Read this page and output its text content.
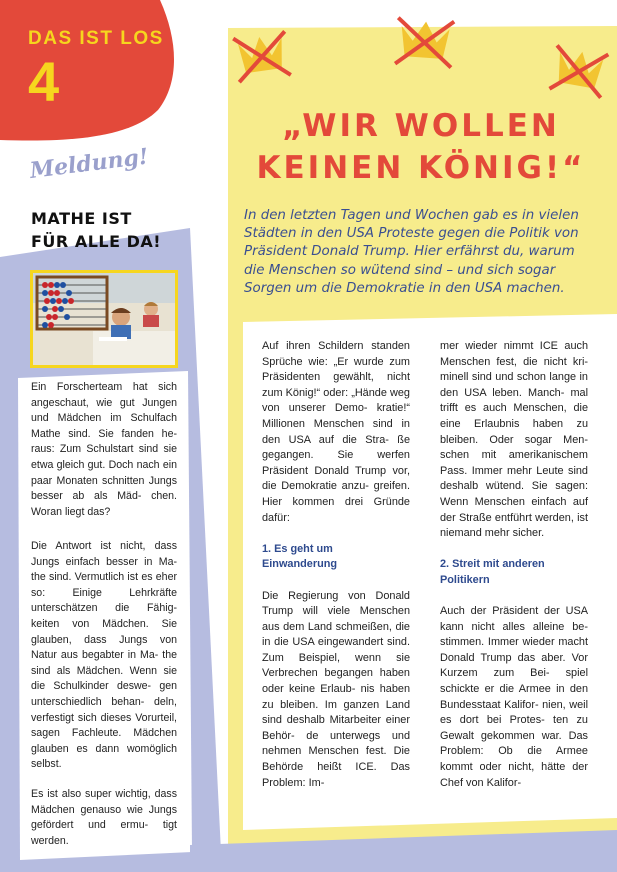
DAS IST LOS
4
Meldung!
MATHE IST
FÜR ALLE DA!

Ein Forscherteam hat sich angeschaut, wie gut Jungen und Mädchen im Schulfach Mathe sind. Sie fanden he- raus: Zum Schulstart sind sie etwa gleich gut. Doch nach ein paar Monaten schnitten Jungs besser ab als Mäd- chen. Woran liegt das?

Die Antwort ist nicht, dass Jungs einfach besser in Ma- the sind. Vermutlich ist es eher so: Einige Lehrkräfte unterschätzen die Fähig- keiten von Mädchen. Sie glauben, dass Jungs von Natur aus begabter in Ma- the sind als Mädchen. Wenn sie die Schulkinder deswe- gen unterschiedlich behan- deln, verfestigt sich dieses Vorurteil, sagen Fachleute. Mädchen glauben es dann womöglich selbst.

Es ist also super wichtig, dass Mädchen genauso wie Jungs gefördert und ermu- tigt werden.

„WIR WOLLEN
KEINEN KÖNIG!“

In den letzten Tagen und Wochen gab es in vielen Städten in den USA Proteste gegen die Politik von Präsident Donald Trump. Hier erfährst du, warum die Menschen so wütend sind – und sich sogar Sorgen um die Demokratie in den USA machen.

Auf ihren Schildern standen Sprüche wie: „Er wurde zum Präsidenten gewählt, nicht zum König!“ oder: „Hände weg von unserer Demo- kratie!“ Millionen Menschen sind in den USA auf die Stra- ße gegangen. Sie werfen Präsident Donald Trump vor, die Demokratie anzu- greifen. Hier kommen drei Gründe dafür:

1. Es geht um Einwanderung

Die Regierung von Donald Trump will viele Menschen aus dem Land schmeißen, die in die USA eingewandert sind. Zum Beispiel, wenn sie Verbrechen begangen haben oder keine Erlaub- nis haben zu bleiben. Im ganzen Land sind deshalb Mitarbeiter einer Behör- de unterwegs und nehmen Menschen fest. Die Behörde heißt ICE. Das Problem: Im-

mer wieder nimmt ICE auch Menschen fest, die nicht kri- minell sind und schon lange in den USA leben. Manch- mal trifft es auch Menschen, die eine Erlaubnis haben zu bleiben. Oder sogar Men- schen mit amerikanischem Pass. Immer mehr Leute sind deshalb wütend. Sie sagen: Wenn Menschen einfach auf der Straße entführt werden, ist niemand mehr sicher.

2. Streit mit anderen Politikern

Auch der Präsident der USA kann nicht alles alleine be- stimmen. Immer wieder macht Donald Trump das aber. Vor Kurzem zum Bei- spiel schickte er die Armee in den Bundesstaat Kalifor- nien, weil es dort bei Protes- ten zu Gewalt gekommen war. Das Problem: Ob die Armee kommt oder nicht, hätte der Chef von Kalifor-
